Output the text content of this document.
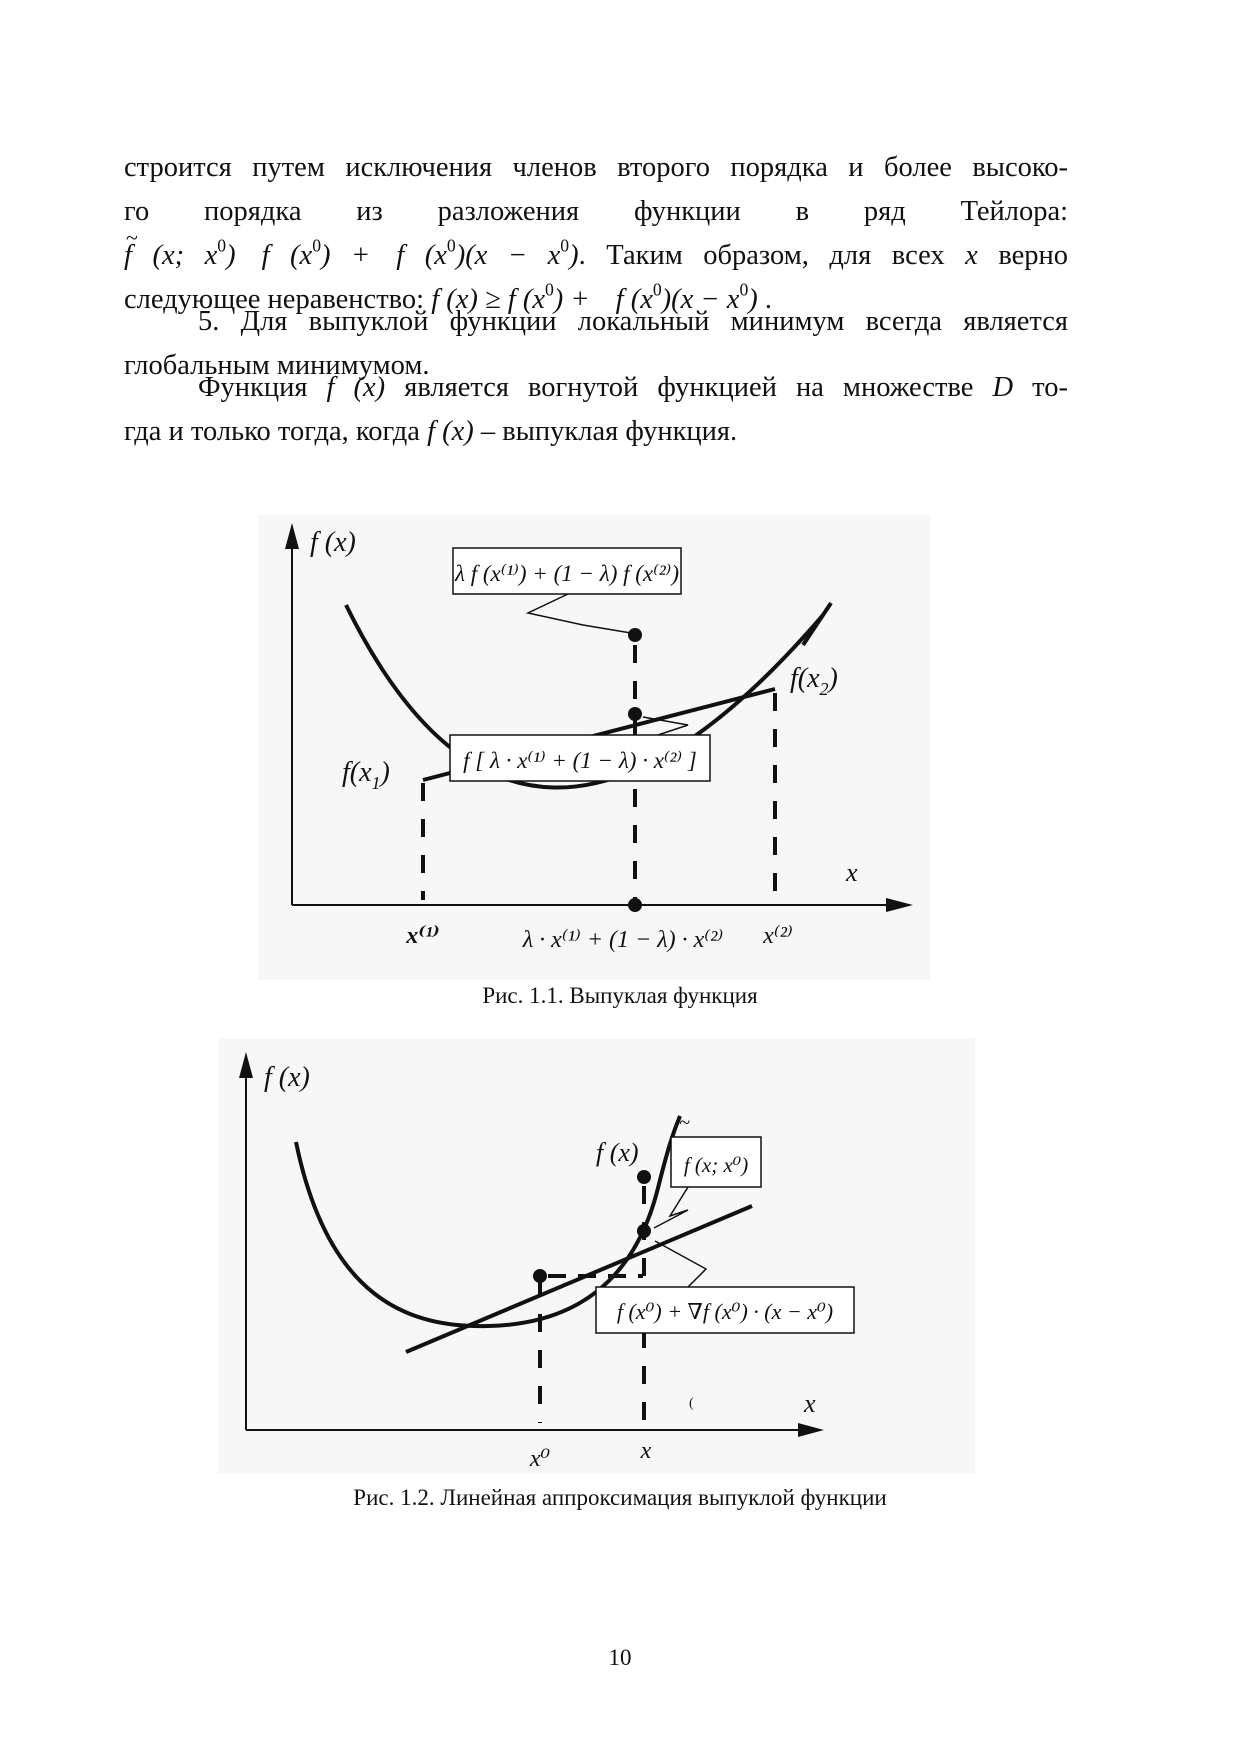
строится путем исключения членов второго порядка и более высоко-
го порядка из разложения функции в ряд Тейлора:
~ f (x; $x^0$) f $(x^0) + f$ $(x^0)(x - x^0)$. Таким образом, для всех x верно
следующее неравенство: f (x) ≥ f $(x^0) + f$ $(x^0)(x - x^0)$ .
5. Для выпуклой функции локальный минимум всегда является
глобальным минимумом.
Функция f (x) является вогнутой функцией на множестве D то-
гда и только тогда, когда f (x) – выпуклая функция.
f (x)
x
$f(x_1)$
$f(x_2)$
λ f (x⁽¹⁾) + (1 − λ) f (x⁽²⁾)
f [ λ · x⁽¹⁾ + (1 − λ) · x⁽²⁾ ]
x⁽¹⁾	λ · x⁽¹⁾ + (1 − λ) · x⁽²⁾ x⁽²⁾
Рис. 1.1. Выпуклая функция
f (x)
x
(
f (x)
~
f (x; x⁰)
f (x⁰) + ∇f (x⁰) · (x − x⁰)
x⁰	x
Рис. 1.2. Линейная аппроксимация выпуклой функции
10
